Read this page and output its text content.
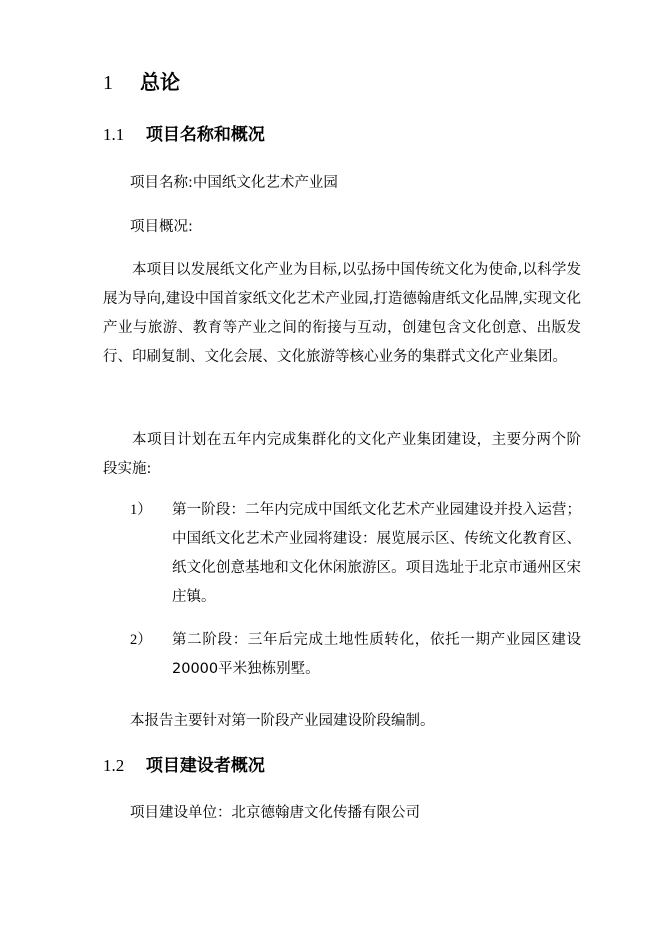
1 总论
1.1 项目名称和概况
项目名称:中国纸文化艺术产业园
项目概况:
本项目以发展纸文化产业为目标,以弘扬中国传统文化为使命,以科学发展为导向,建设中国首家纸文化艺术产业园,打造德翰唐纸文化品牌,实现文化产业与旅游、教育等产业之间的衔接与互动，创建包含文化创意、出版发行、印刷复制、文化会展、文化旅游等核心业务的集群式文化产业集团。
本项目计划在五年内完成集群化的文化产业集团建设，主要分两个阶段实施:
1） 第一阶段：二年内完成中国纸文化艺术产业园建设并投入运营；中国纸文化艺术产业园将建设：展览展示区、传统文化教育区、纸文化创意基地和文化休闲旅游区。项目选址于北京市通州区宋庄镇。
2） 第二阶段：三年后完成土地性质转化，依托一期产业园区建设20000平米独栋别墅。
本报告主要针对第一阶段产业园建设阶段编制。
1.2 项目建设者概况
项目建设单位：北京德翰唐文化传播有限公司
